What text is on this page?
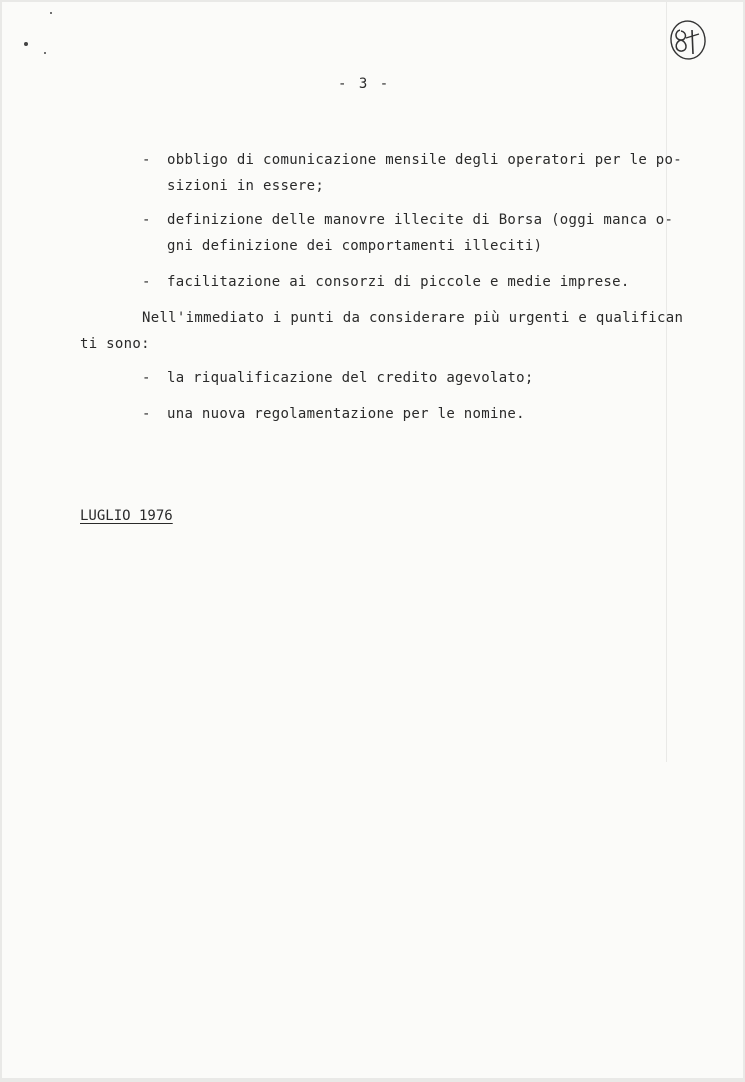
- 3 -
- obbligo di comunicazione mensile degli operatori per le po-
sizioni in essere;
- definizione delle manovre illecite di Borsa (oggi manca o-
gni definizione dei comportamenti illeciti)
- facilitazione ai consorzi di piccole e medie imprese.
Nell'immediato i punti da considerare più urgenti e qualifican
ti sono:
- la riqualificazione del credito agevolato;
- una nuova regolamentazione per le nomine.
LUGLIO 1976
